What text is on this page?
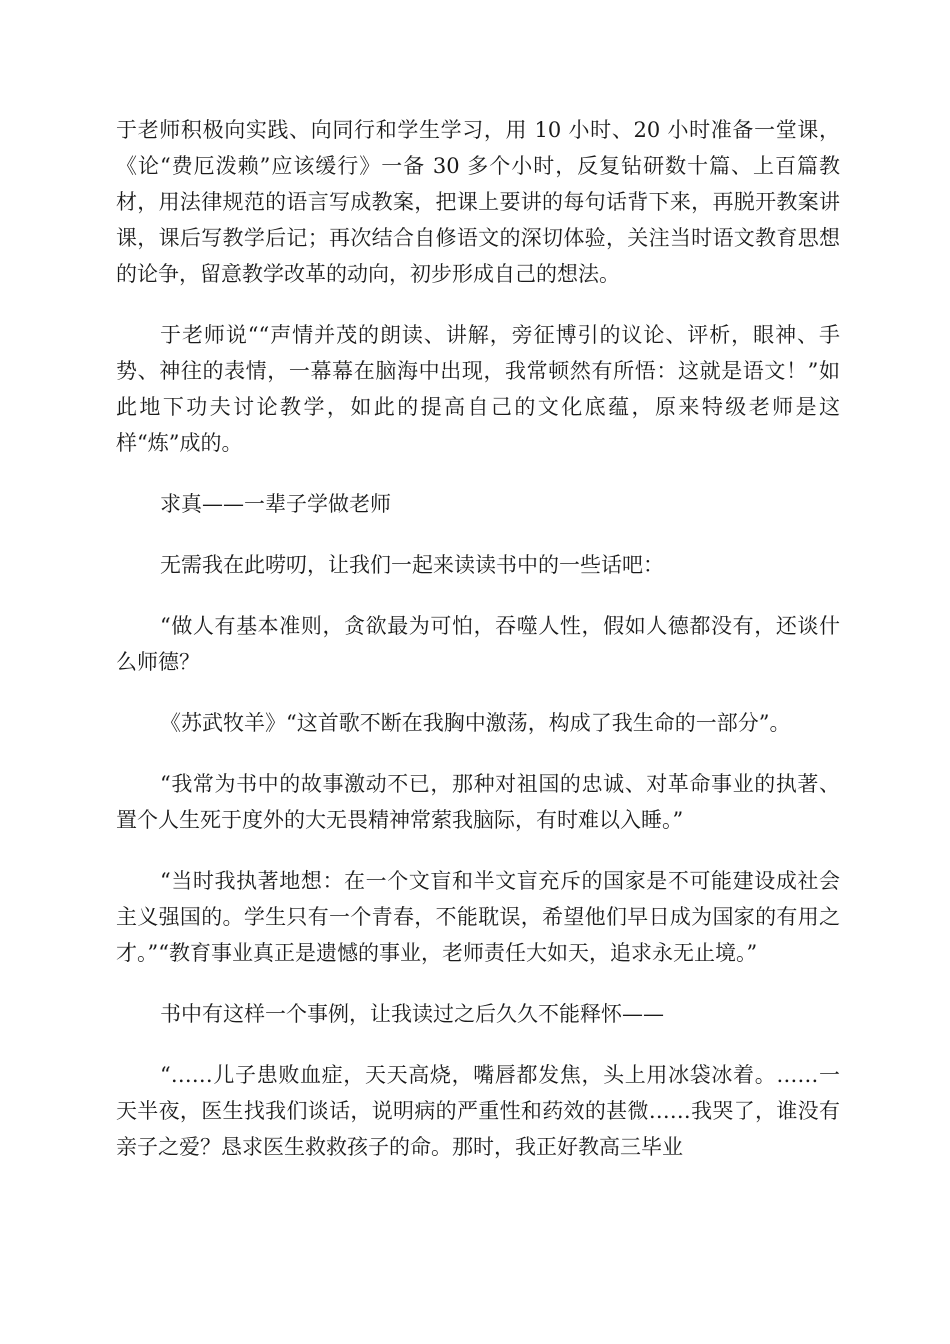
于老师积极向实践、向同行和学生学习，用 10 小时、20 小时准备一堂课，《论“费厄泼赖”应该缓行》一备 30 多个小时，反复钻研数十篇、上百篇教材，用法律规范的语言写成教案，把课上要讲的每句话背下来，再脱开教案讲课，课后写教学后记；再次结合自修语文的深切体验，关注当时语文教育思想的论争，留意教学改革的动向，初步形成自己的想法。

于老师说““声情并茂的朗读、讲解，旁征博引的议论、评析，眼神、手势、神往的表情，一幕幕在脑海中出现，我常顿然有所悟：这就是语文！”如此地下功夫讨论教学，如此的提高自己的文化底蕴，原来特级老师是这样“炼”成的。

求真——一辈子学做老师

无需我在此唠叨，让我们一起来读读书中的一些话吧：

“做人有基本准则，贪欲最为可怕，吞噬人性，假如人德都没有，还谈什么师德？

《苏武牧羊》“这首歌不断在我胸中激荡，构成了我生命的一部分”。

“我常为书中的故事激动不已，那种对祖国的忠诚、对革命事业的执著、置个人生死于度外的大无畏精神常萦我脑际，有时难以入睡。”

“当时我执著地想：在一个文盲和半文盲充斥的国家是不可能建设成社会主义强国的。学生只有一个青春，不能耽误，希望他们早日成为国家的有用之才。”“教育事业真正是遗憾的事业，老师责任大如天，追求永无止境。”

书中有这样一个事例，让我读过之后久久不能释怀——

“……儿子患败血症，天天高烧，嘴唇都发焦，头上用冰袋冰着。……一天半夜，医生找我们谈话，说明病的严重性和药效的甚微……我哭了，谁没有亲子之爱？恳求医生救救孩子的命。那时，我正好教高三毕业
